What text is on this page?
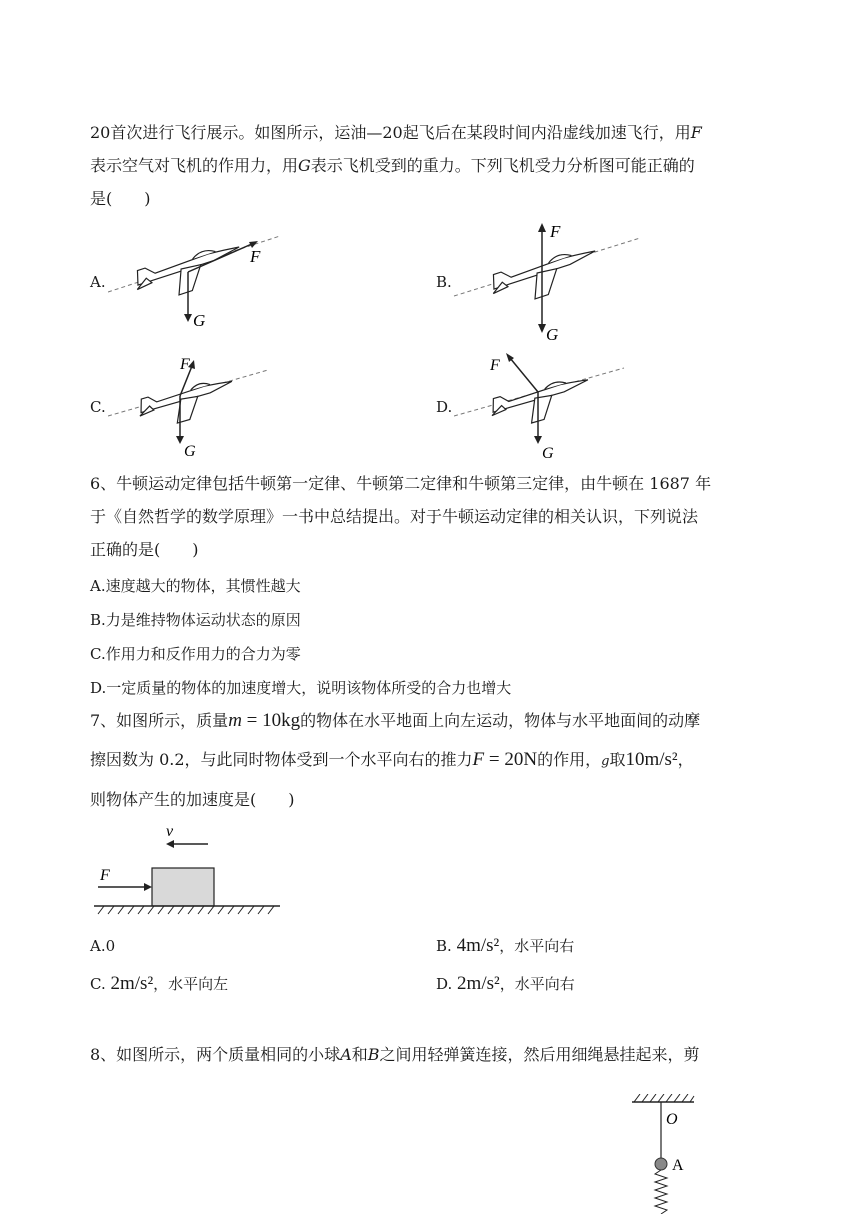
20首次进行飞行展示。如图所示，运油—20起飞后在某段时间内沿虚线加速飞行，用F
表示空气对飞机的作用力，用G表示飞机受到的重力。下列飞机受力分析图可能正确的
是(　　)
A.
F
G
B.
F
G
C.
F
G
D.
F
G
6、牛顿运动定律包括牛顿第一定律、牛顿第二定律和牛顿第三定律，由牛顿在 1687 年
于《自然哲学的数学原理》一书中总结提出。对于牛顿运动定律的相关认识，下列说法
正确的是(　　)
A.速度越大的物体，其惯性越大
B.力是维持物体运动状态的原因
C.作用力和反作用力的合力为零
D.一定质量的物体的加速度增大，说明该物体所受的合力也增大
7、如图所示，质量m = 10kg的物体在水平地面上向左运动，物体与水平地面间的动摩
擦因数为 0.2，与此同时物体受到一个水平向右的推力F = 20N的作用，g取10m/s²，
则物体产生的加速度是(　　)
v
F
A.0	B. 4m/s²，水平向右
C. 2m/s²，水平向左	D. 2m/s²，水平向右
8、如图所示，两个质量相同的小球A和B之间用轻弹簧连接，然后用细绳悬挂起来，剪
O
A
